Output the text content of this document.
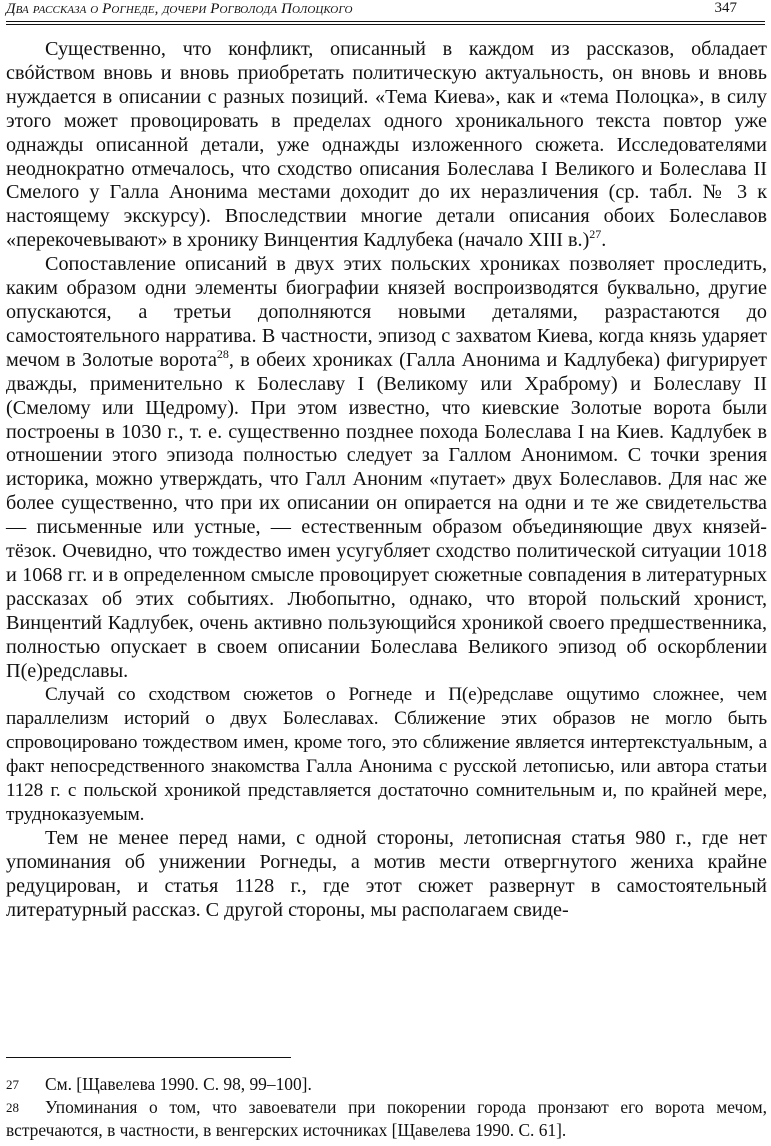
Два рассказа о Рогнеде, дочери Рогволода Полоцкого	347

Существенно, что конфликт, описанный в каждом из рассказов, обладает свóйством вновь и вновь приобретать политическую актуальность, он вновь и вновь нуждается в описании с разных позиций. «Тема Киева», как и «тема Полоцка», в силу этого может провоцировать в пределах одного хроникального текста повтор уже однажды описанной детали, уже однажды изложенного сюжета. Исследователями неоднократно отмечалось, что сходство описания Болеслава I Великого и Болеслава II Смелого у Галла Анонима местами доходит до их неразличения (ср. табл. № 3 к настоящему экскурсу). Впоследствии многие детали описания обоих Болеславов «перекочевывают» в хронику Винцентия Кадлубека (начало XIII в.)$^{27}$.

Сопоставление описаний в двух этих польских хрониках позволяет проследить, каким образом одни элементы биографии князей воспроизводятся буквально, другие опускаются, а третьи дополняются новыми деталями, разрастаются до самостоятельного нарратива. В частности, эпизод с захватом Киева, когда князь ударяет мечом в Золотые ворота$^{28}$, в обеих хрониках (Галла Анонима и Кадлубека) фигурирует дважды, применительно к Болеславу I (Великому или Храброму) и Болеславу II (Смелому или Щедрому). При этом известно, что киевские Золотые ворота были построены в 1030 г., т. е. существенно позднее похода Болеслава I на Киев. Кадлубек в отношении этого эпизода полностью следует за Галлом Анонимом. С точки зрения историка, можно утверждать, что Галл Аноним «путает» двух Болеславов. Для нас же более существенно, что при их описании он опирается на одни и те же свидетельства — письменные или устные, — естественным образом объединяющие двух князей-тёзок. Очевидно, что тождество имен усугубляет сходство политической ситуации 1018 и 1068 гг. и в определенном смысле провоцирует сюжетные совпадения в литературных рассказах об этих событиях. Любопытно, однако, что второй польский хронист, Винцентий Кадлубек, очень активно пользующийся хроникой своего предшественника, полностью опускает в своем описании Болеслава Великого эпизод об оскорблении П(е)редславы.

Случай со сходством сюжетов о Рогнеде и П(е)редславе ощутимо сложнее, чем параллелизм историй о двух Болеславах. Сближение этих образов не могло быть спровоцировано тождеством имен, кроме того, это сближение является интертекстуальным, а факт непосредственного знакомства Галла Анонима с русской летописью, или автора статьи 1128 г. с польской хроникой представляется достаточно сомнительным и, по крайней мере, трудноказуемым.

Тем не менее перед нами, с одной стороны, летописная статья 980 г., где нет упоминания об унижении Рогнеды, а мотив мести отвергнутого жениха крайне редуцирован, и статья 1128 г., где этот сюжет развернут в самостоятельный литературный рассказ. С другой стороны, мы располагаем свиде-

27 См. [Щавелева 1990. С. 98, 99–100].

28 Упоминания о том, что завоеватели при покорении города пронзают его ворота мечом, встречаются, в частности, в венгерских источниках [Щавелева 1990. С. 61].
